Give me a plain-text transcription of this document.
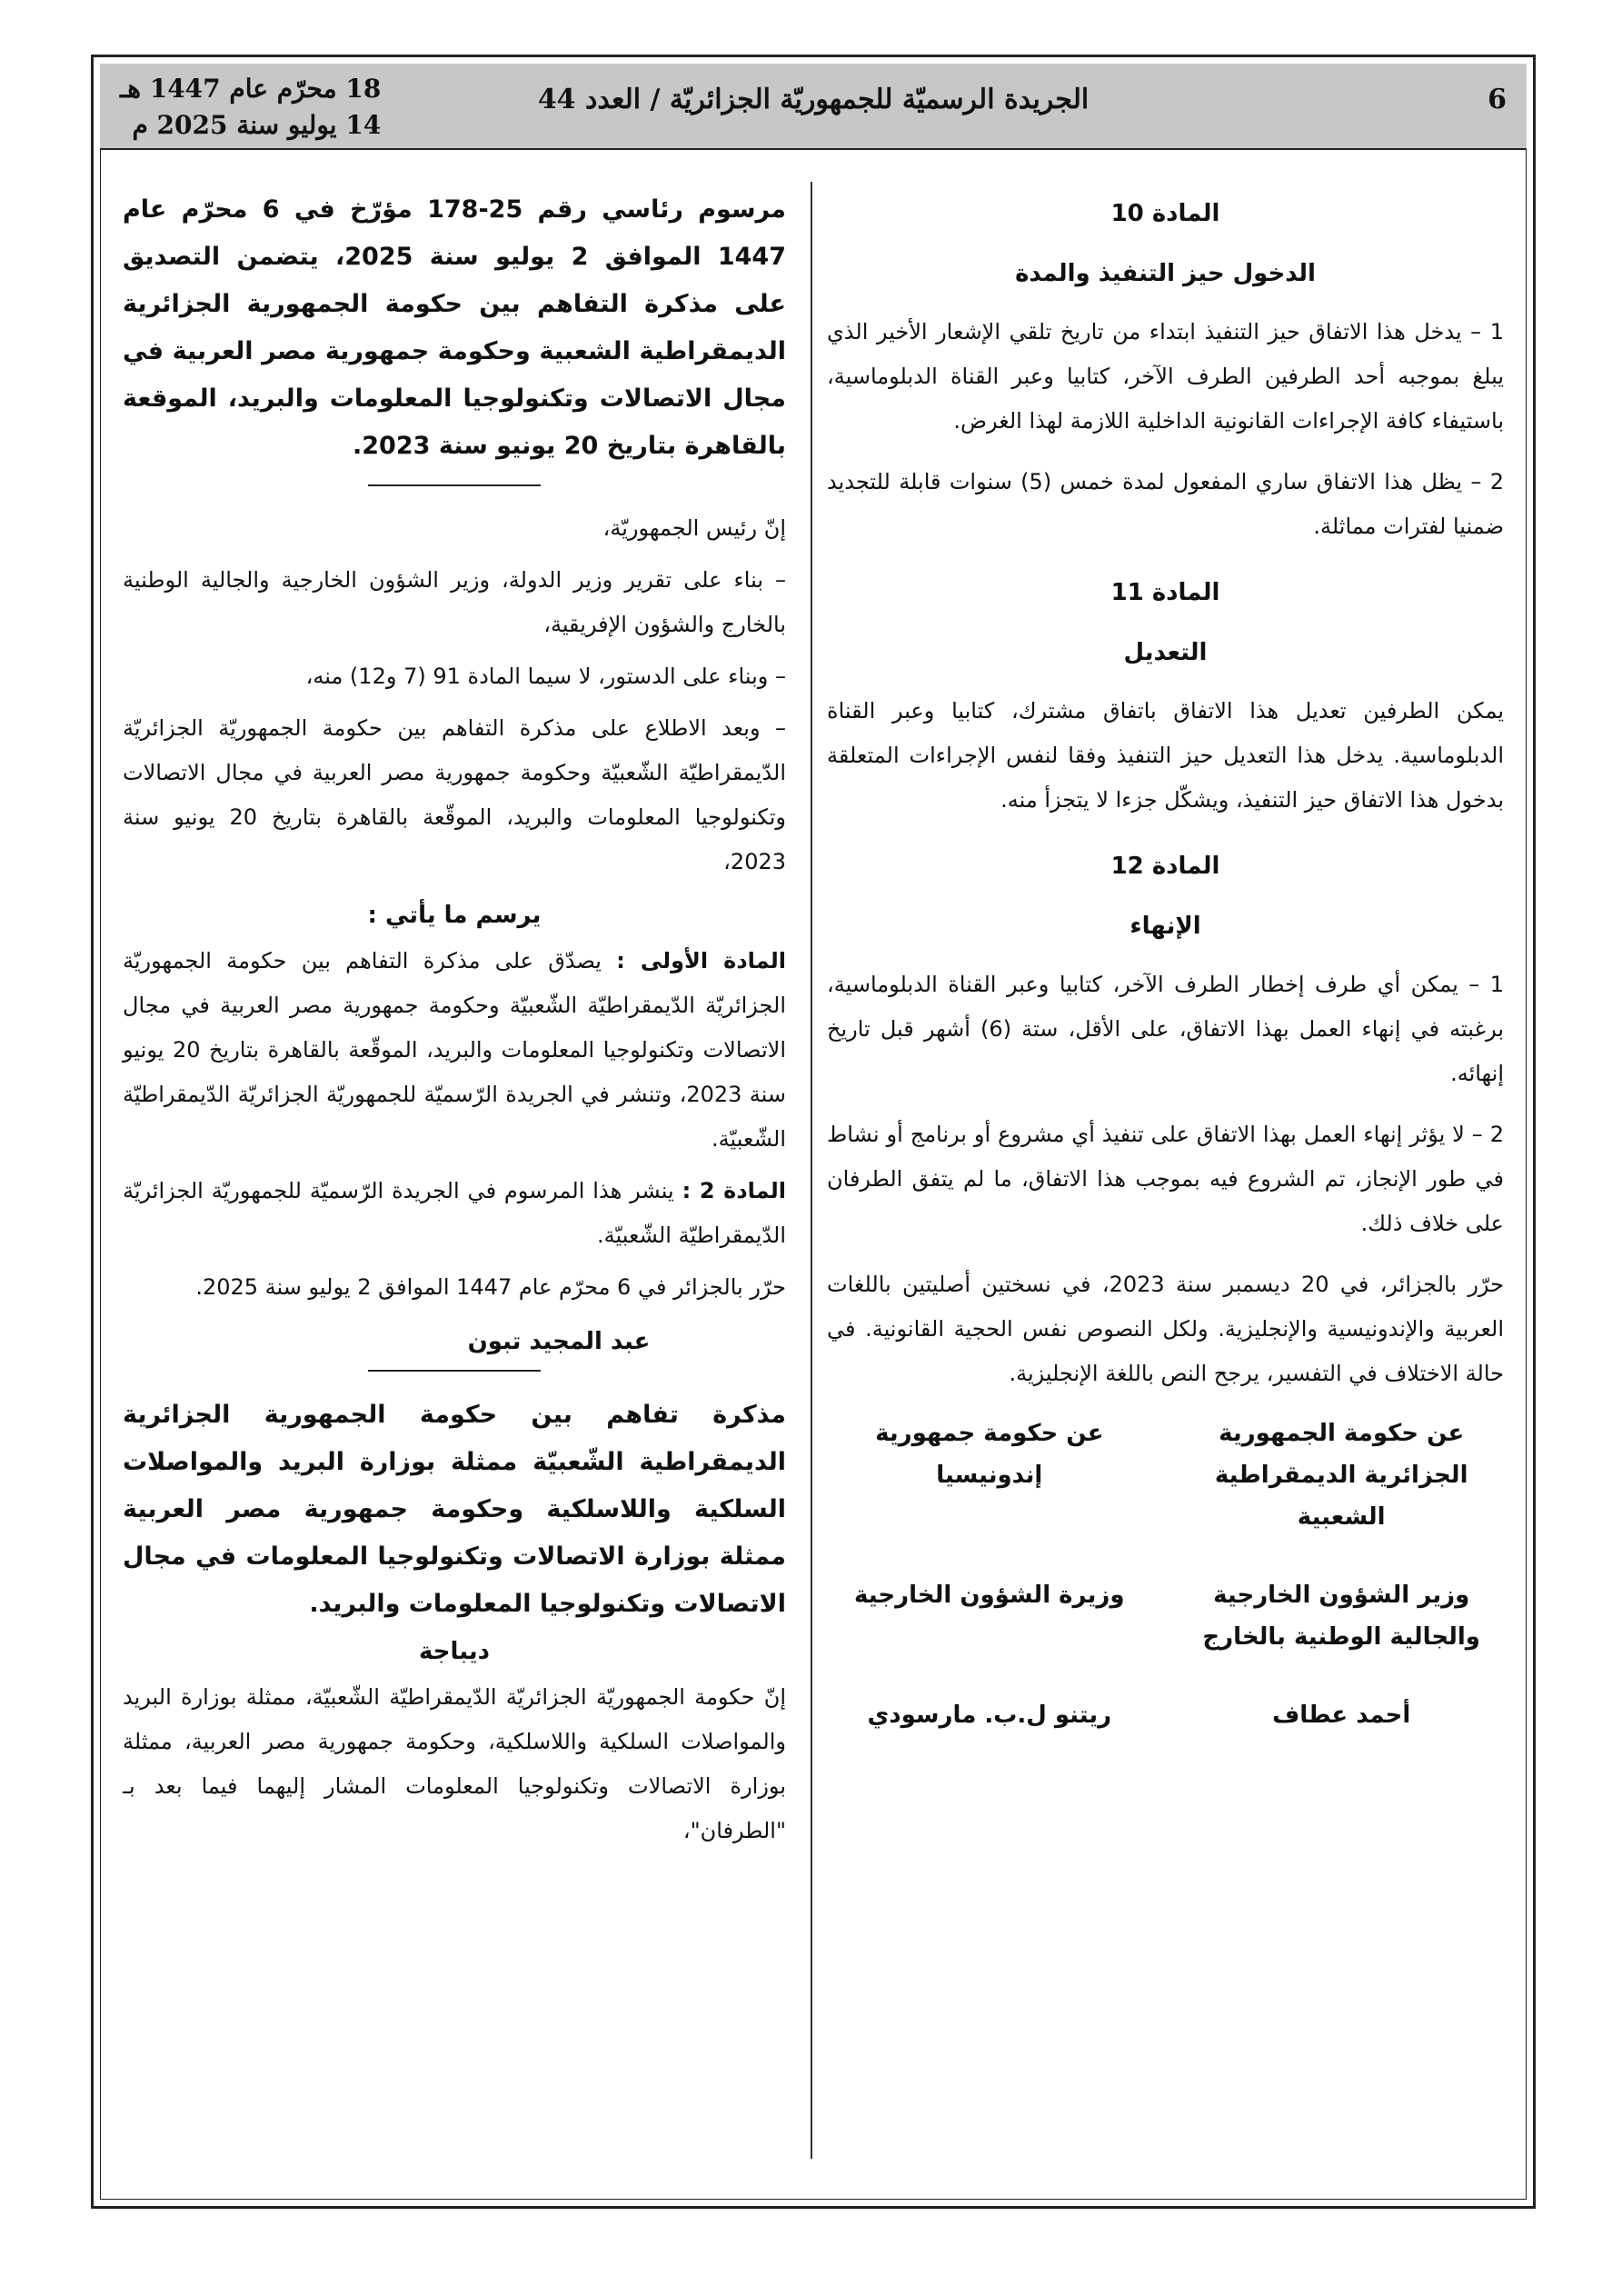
6
الجريدة الرسميّة للجمهوريّة الجزائريّة / العدد 44
18 محرّم عام 1447 هـ
14 يوليو سنة 2025 م
المادة 10
الدخول حيز التنفيذ والمدة

1 – يدخل هذا الاتفاق حيز التنفيذ ابتداء من تاريخ تلقي الإشعار الأخير الذي يبلغ بموجبه أحد الطرفين الطرف الآخر، كتابيا وعبر القناة الدبلوماسية، باستيفاء كافة الإجراءات القانونية الداخلية اللازمة لهذا الغرض.

2 – يظل هذا الاتفاق ساري المفعول لمدة خمس (5) سنوات قابلة للتجديد ضمنيا لفترات مماثلة.

المادة 11
التعديل

يمكن الطرفين تعديل هذا الاتفاق باتفاق مشترك، كتابيا وعبر القناة الدبلوماسية. يدخل هذا التعديل حيز التنفيذ وفقا لنفس الإجراءات المتعلقة بدخول هذا الاتفاق حيز التنفيذ، ويشكّل جزءا لا يتجزأ منه.

المادة 12
الإنهاء

1 – يمكن أي طرف إخطار الطرف الآخر، كتابيا وعبر القناة الدبلوماسية، برغبته في إنهاء العمل بهذا الاتفاق، على الأقل، ستة (6) أشهر قبل تاريخ إنهائه.

2 – لا يؤثر إنهاء العمل بهذا الاتفاق على تنفيذ أي مشروع أو برنامج أو نشاط في طور الإنجاز، تم الشروع فيه بموجب هذا الاتفاق، ما لم يتفق الطرفان على خلاف ذلك.

حرّر بالجزائر، في 20 ديسمبر سنة 2023، في نسختين أصليتين باللغات العربية والإندونيسية والإنجليزية. ولكل النصوص نفس الحجية القانونية. في حالة الاختلاف في التفسير، يرجح النص باللغة الإنجليزية.

عن حكومة الجمهورية الجزائرية الديمقراطية الشعبية
عن حكومة جمهورية إندونيسيا
وزير الشؤون الخارجية والجالية الوطنية بالخارج
وزيرة الشؤون الخارجية
أحمد عطاف
ريتنو ل.ب. مارسودي
مرسوم رئاسي رقم 25-178 مؤرّخ في 6 محرّم عام 1447 الموافق 2 يوليو سنة 2025، يتضمن التصديق على مذكرة التفاهم بين حكومة الجمهورية الجزائرية الديمقراطية الشعبية وحكومة جمهورية مصر العربية في مجال الاتصالات وتكنولوجيا المعلومات والبريد، الموقعة بالقاهرة بتاريخ 20 يونيو سنة 2023.

إنّ رئيس الجمهوريّة،

– بناء على تقرير وزير الدولة، وزير الشؤون الخارجية والجالية الوطنية بالخارج والشؤون الإفريقية،

– وبناء على الدستور، لا سيما المادة 91 (7 و12) منه،

– وبعد الاطلاع على مذكرة التفاهم بين حكومة الجمهوريّة الجزائريّة الدّيمقراطيّة الشّعبيّة وحكومة جمهورية مصر العربية في مجال الاتصالات وتكنولوجيا المعلومات والبريد، الموقّعة بالقاهرة بتاريخ 20 يونيو سنة 2023،

يرسم ما يأتي :

المادة الأولى : يصدّق على مذكرة التفاهم بين حكومة الجمهوريّة الجزائريّة الدّيمقراطيّة الشّعبيّة وحكومة جمهورية مصر العربية في مجال الاتصالات وتكنولوجيا المعلومات والبريد، الموقّعة بالقاهرة بتاريخ 20 يونيو سنة 2023، وتنشر في الجريدة الرّسميّة للجمهوريّة الجزائريّة الدّيمقراطيّة الشّعبيّة.

المادة 2 : ينشر هذا المرسوم في الجريدة الرّسميّة للجمهوريّة الجزائريّة الدّيمقراطيّة الشّعبيّة.

حرّر بالجزائر في 6 محرّم عام 1447 الموافق 2 يوليو سنة 2025.

عبد المجيد تبون
مذكرة تفاهم بين حكومة الجمهورية الجزائرية الديمقراطية الشّعبيّة ممثلة بوزارة البريد والمواصلات السلكية واللاسلكية وحكومة جمهورية مصر العربية ممثلة بوزارة الاتصالات وتكنولوجيا المعلومات في مجال الاتصالات وتكنولوجيا المعلومات والبريد.
ديباجة

إنّ حكومة الجمهوريّة الجزائريّة الدّيمقراطيّة الشّعبيّة، ممثلة بوزارة البريد والمواصلات السلكية واللاسلكية، وحكومة جمهورية مصر العربية، ممثلة بوزارة الاتصالات وتكنولوجيا المعلومات المشار إليهما فيما بعد بـ "الطرفان"،
